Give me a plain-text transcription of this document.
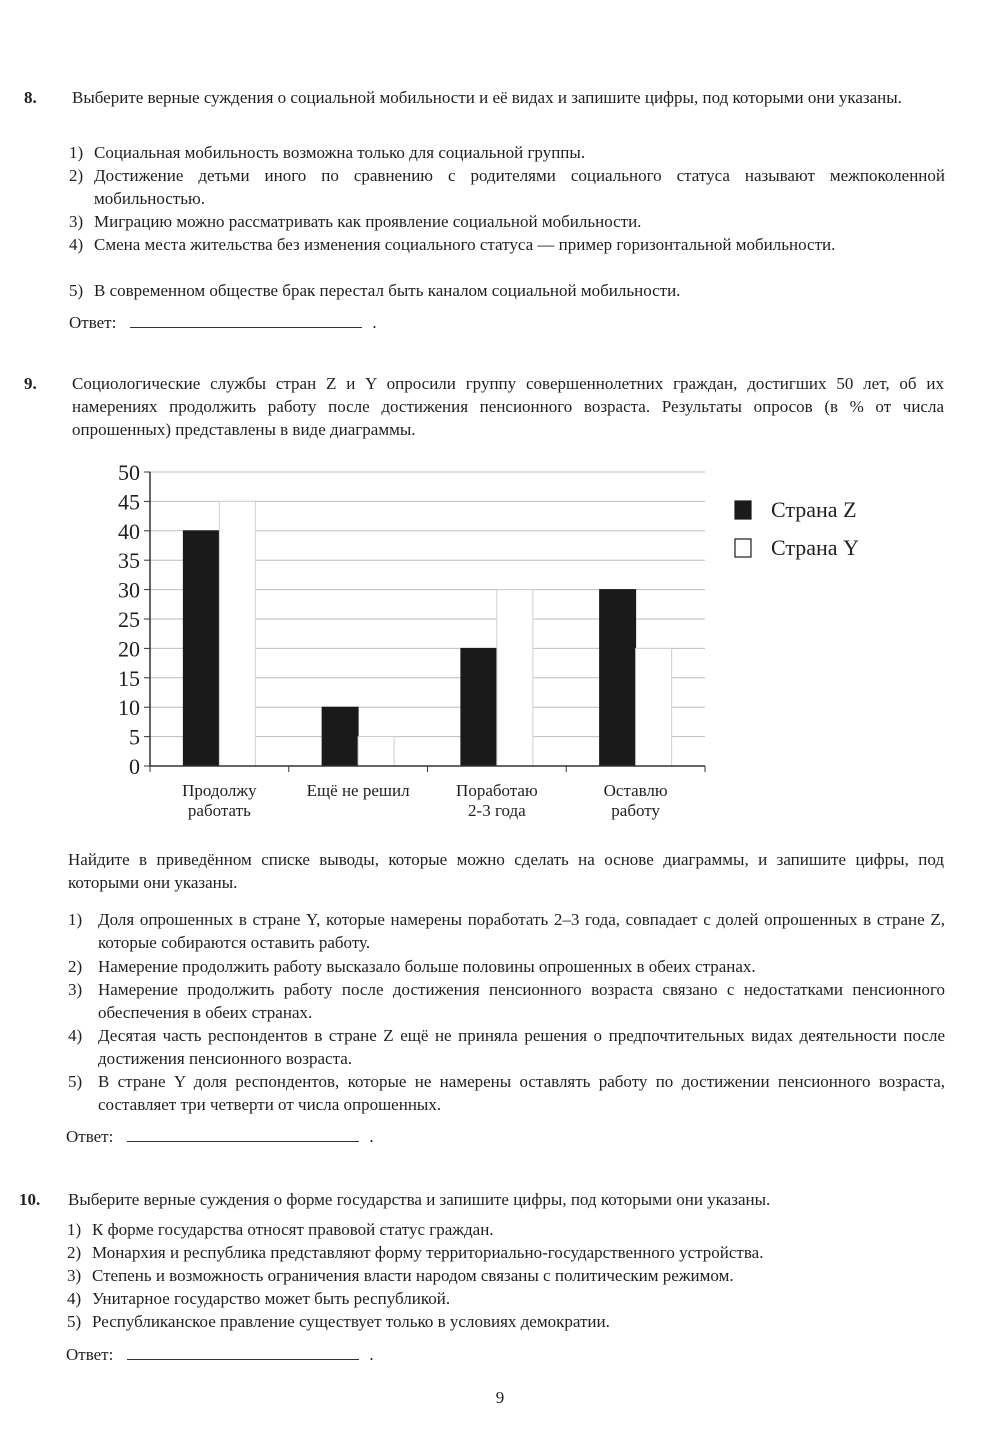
8. Выберите верные суждения о социальной мобильности и её видах и запишите цифры, под которыми они указаны.
1) Социальная мобильность возможна только для социальной группы.
2) Достижение детьми иного по сравнению с родителями социального статуса называют межпоколенной мобильностью.
3) Миграцию можно рассматривать как проявление социальной мобильности.
4) Смена места жительства без изменения социального статуса — пример горизонтальной мобильности.
5) В современном обществе брак перестал быть каналом социальной мобильности.
Ответ:	.
9. Социологические службы стран Z и Y опросили группу совершеннолетних граждан, достигших 50 лет, об их намерениях продолжить работу после достижения пенсионного возраста. Результаты опросов (в % от числа опрошенных) представлены в виде диаграммы.
0
5
10
15
20
25
30
35
40
45
50
Продолжу
работать
Ещё не решил	Поработаю
2-3 года
Оставлю
работу
Страна Z
Страна Y
Найдите в приведённом списке выводы, которые можно сделать на основе диаграммы, и запишите цифры, под которыми они указаны.
1) Доля опрошенных в стране Y, которые намерены поработать 2–3 года, совпадает с долей опрошенных в стране Z, которые собираются оставить работу.
2) Намерение продолжить работу высказало больше половины опрошенных в обеих странах.
3) Намерение продолжить работу после достижения пенсионного возраста связано с недостатками пенсионного обеспечения в обеих странах.
4) Десятая часть респондентов в стране Z ещё не приняла решения о предпочтительных видах деятельности после достижения пенсионного возраста.
5) В стране Y доля респондентов, которые не намерены оставлять работу по достижении пенсионного возраста, составляет три четверти от числа опрошенных.
Ответ:	.
10. Выберите верные суждения о форме государства и запишите цифры, под которыми они указаны.
1) К форме государства относят правовой статус граждан.
2) Монархия и республика представляют форму территориально-государственного устройства.
3) Степень и возможность ограничения власти народом связаны с политическим режимом.
4) Унитарное государство может быть республикой.
5) Республиканское правление существует только в условиях демократии.
Ответ:	.
9
